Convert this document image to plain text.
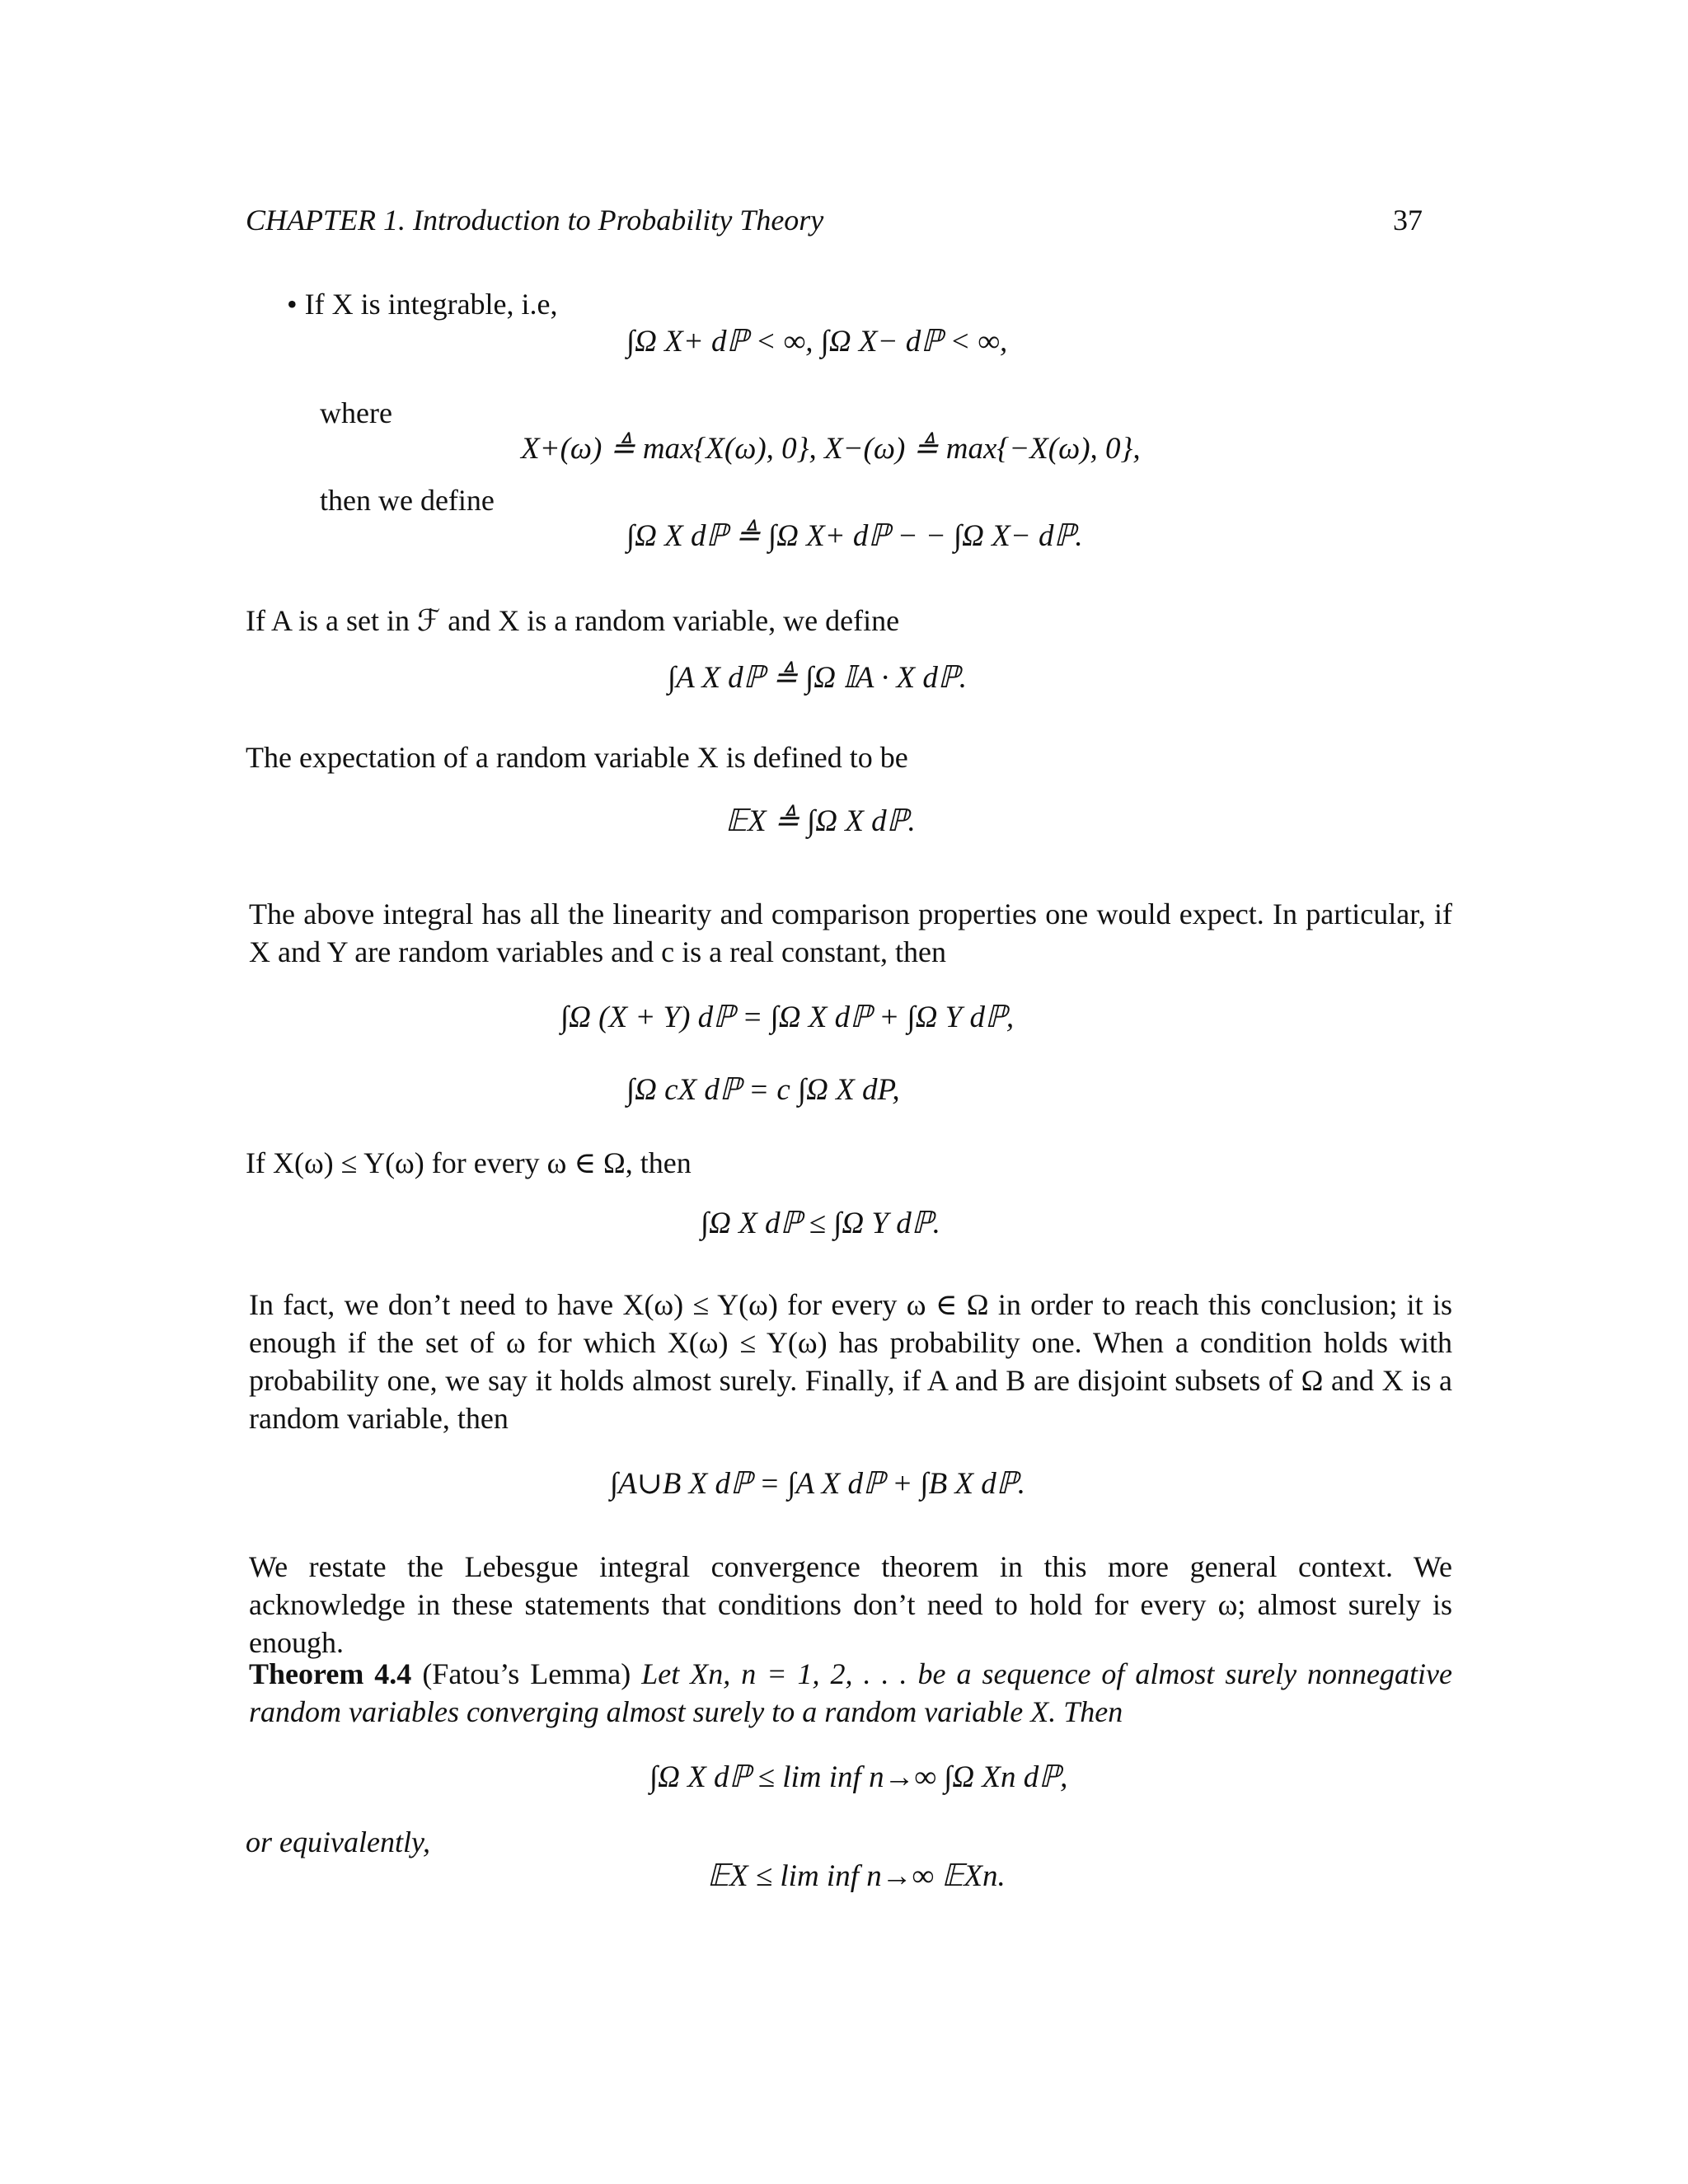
CHAPTER 1. Introduction to Probability Theory	37
• If X is integrable, i.e,
∫Ω X+ dℙ < ∞, ∫Ω X− dℙ < ∞,
where
X+(ω) ≜ max{X(ω), 0}, X−(ω) ≜ max{−X(ω), 0},
then we define
∫Ω X dℙ ≜ ∫Ω X+ dℙ − − ∫Ω X− dℙ.
If A is a set in ℱ and X is a random variable, we define
∫A X dℙ ≜ ∫Ω 𝕀A · X dℙ.
The expectation of a random variable X is defined to be
𝔼X ≜ ∫Ω X dℙ.
The above integral has all the linearity and comparison properties one would expect. In particular, if X and Y are random variables and c is a real constant, then
∫Ω (X + Y) dℙ = ∫Ω X dℙ + ∫Ω Y dℙ,
∫Ω cX dℙ = c ∫Ω X dP,
If X(ω) ≤ Y(ω) for every ω ∈ Ω, then
∫Ω X dℙ ≤ ∫Ω Y dℙ.
In fact, we don’t need to have X(ω) ≤ Y(ω) for every ω ∈ Ω in order to reach this conclusion; it is enough if the set of ω for which X(ω) ≤ Y(ω) has probability one. When a condition holds with probability one, we say it holds almost surely. Finally, if A and B are disjoint subsets of Ω and X is a random variable, then
∫A∪B X dℙ = ∫A X dℙ + ∫B X dℙ.
We restate the Lebesgue integral convergence theorem in this more general context. We acknowledge in these statements that conditions don’t need to hold for every ω; almost surely is enough.
Theorem 4.4 (Fatou’s Lemma) Let Xn, n = 1, 2, . . . be a sequence of almost surely nonnegative random variables converging almost surely to a random variable X. Then
∫Ω X dℙ ≤ lim inf n→∞ ∫Ω Xn dℙ,
or equivalently,
𝔼X ≤ lim inf n→∞ 𝔼Xn.
